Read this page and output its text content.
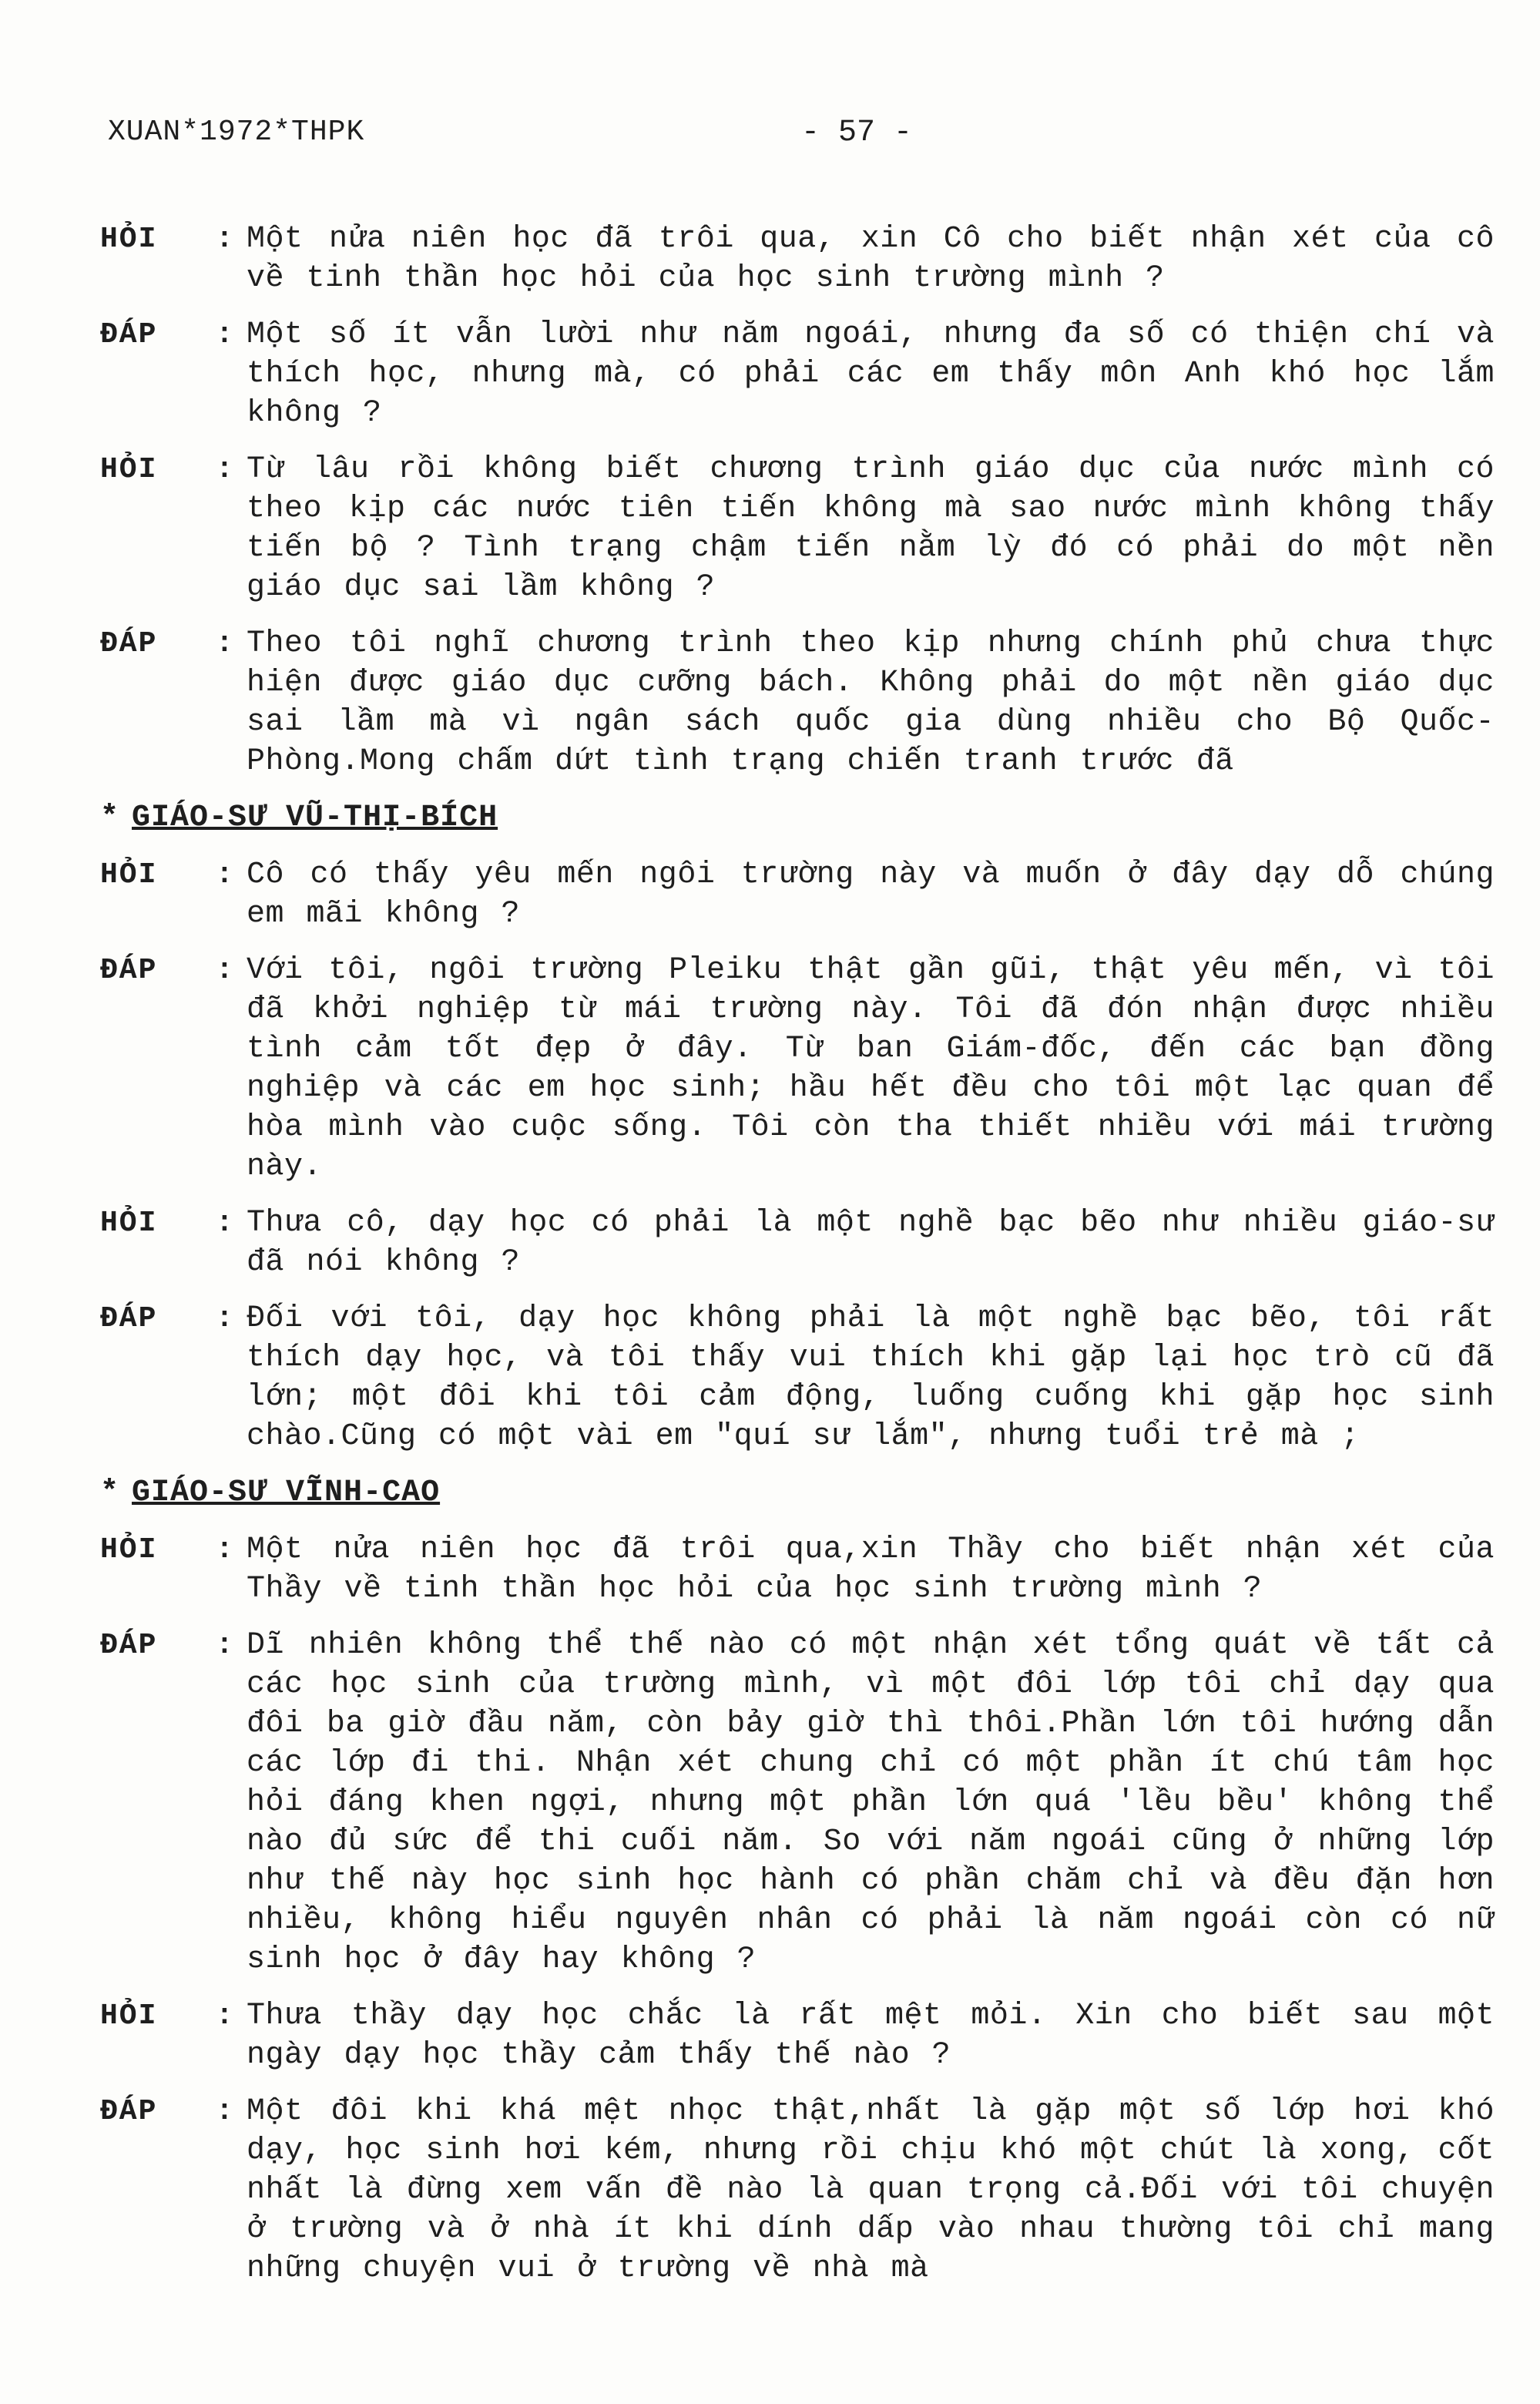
XUAN*1972*THPK	- 57 -
HỎI	: Một nửa niên học đã trôi qua, xin Cô cho biết nhận xét của cô về tinh thần học hỏi của học sinh trường mình ?
ĐÁP	: Một số ít vẫn lười như năm ngoái, nhưng đa số có thiện chí và thích học, nhưng mà, có phải các em thấy môn Anh khó học lắm không ?
HỎI	: Từ lâu rồi không biết chương trình giáo dục của nước mình có theo kịp các nước tiên tiến không mà sao nước mình không thấy tiến bộ ? Tình trạng chậm tiến nằm lỳ đó có phải do một nền giáo dục sai lầm không ?
ĐÁP	: Theo tôi nghĩ chương trình theo kịp nhưng chính phủ chưa thực hiện được giáo dục cưỡng bách. Không phải do một nền giáo dục sai lầm mà vì ngân sách quốc gia dùng nhiều cho Bộ Quốc-Phòng.Mong chấm dứt tình trạng chiến tranh trước đã
* GIÁO-SƯ VŨ-THỊ-BÍCH
HỎI	: Cô có thấy yêu mến ngôi trường này và muốn ở đây dạy dỗ chúng em mãi không ?
ĐÁP	: Với tôi, ngôi trường Pleiku thật gần gũi, thật yêu mến, vì tôi đã khởi nghiệp từ mái trường này. Tôi đã đón nhận được nhiều tình cảm tốt đẹp ở đây. Từ ban Giám-đốc, đến các bạn đồng nghiệp và các em học sinh; hầu hết đều cho tôi một lạc quan để hòa mình vào cuộc sống. Tôi còn tha thiết nhiều với mái trường này.
HỎI	: Thưa cô, dạy học có phải là một nghề bạc bẽo như nhiều giáo-sư đã nói không ?
ĐÁP	: Đối với tôi, dạy học không phải là một nghề bạc bẽo, tôi rất thích dạy học, và tôi thấy vui thích khi gặp lại học trò cũ đã lớn; một đôi khi tôi cảm động, luống cuống khi gặp học sinh chào.Cũng có một vài em "quí sư lắm", nhưng tuổi trẻ mà ;
* GIÁO-SƯ VĨNH-CAO
HỎI	: Một nửa niên học đã trôi qua,xin Thầy cho biết nhận xét của Thầy về tinh thần học hỏi của học sinh trường mình ?
ĐÁP	: Dĩ nhiên không thể thế nào có một nhận xét tổng quát về tất cả các học sinh của trường mình, vì một đôi lớp tôi chỉ dạy qua đôi ba giờ đầu năm, còn bảy giờ thì thôi.Phần lớn tôi hướng dẫn các lớp đi thi. Nhận xét chung chỉ có một phần ít chú tâm học hỏi đáng khen ngợi, nhưng một phần lớn quá 'lều bều' không thể nào đủ sức để thi cuối năm. So với năm ngoái cũng ở những lớp như thế này học sinh học hành có phần chăm chỉ và đều đặn hơn nhiều, không hiểu nguyên nhân có phải là năm ngoái còn có nữ sinh học ở đây hay không ?
HỎI	: Thưa thầy dạy học chắc là rất mệt mỏi. Xin cho biết sau một ngày dạy học thầy cảm thấy thế nào ?
ĐÁP	: Một đôi khi khá mệt nhọc thật,nhất là gặp một số lớp hơi khó dạy, học sinh hơi kém, nhưng rồi chịu khó một chút là xong, cốt nhất là đừng xem vấn đề nào là quan trọng cả.Đối với tôi chuyện ở trường và ở nhà ít khi dính dấp vào nhau thường tôi chỉ mang những chuyện vui ở trường về nhà mà
